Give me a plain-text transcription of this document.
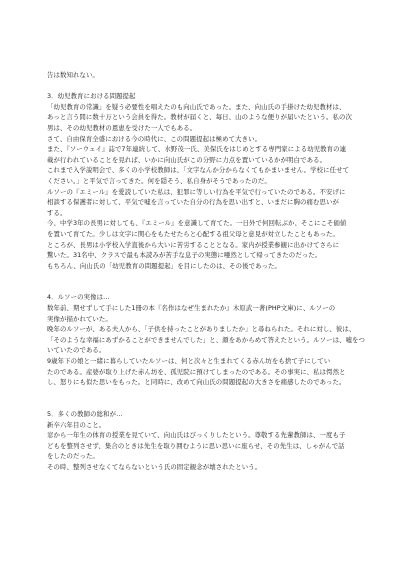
告は数知れない。

3．幼児教育における問題提起

「幼児教育の常識」を疑う必要性を唱えたのも向山氏であった。また、向山氏の手掛けた幼児教材は、

あっと言う間に数十万という会員を得た。教材が届くと、毎日、山のような便りが届いたという。私の次

男は、その幼児教材の恩恵を受けた一人でもある。

さて、自由保育全盛における今の時代に、この問題提起は極めて大きい。

また、『ソーウェイ』誌で7年連続して、水野茂一氏、美保氏をはじめとする専門家による幼児教育の連

載が行われていることを見れば、いかに向山氏がこの分野に力点を置いているかが明白である。

これまで入学説明会で、多くの小学校教師は、「文字なんか分からなくてもかまいません。学校に任せて

ください。」と平気で言ってきた。何を隠そう、私自身がそうであったのだ。

ルソーの『エミール』を愛読していた私は、犯罪に等しい行為を平気で行っていたのである。不安げに

相談する保護者に対して、平気で嘘を言っていた自分の行為を思い出すと、いまだに胸の痛む思いが

する。

今、中学3年の長男に対しても、『エミール』を意識して育てた。一日外で何回転ぶか、そこにこそ価値

を置いて育てた。少しは文字に関心をもたせたらと心配する祖父母と意見が対立したこともあった。

ところが、長男は小学校入学直後から大いに苦労することとなる。家内が授業参観に出かけてさらに

驚いた。31名中、クラスで最も本読みが苦手な息子の実態に唖然として帰ってきたのだった。

もちろん、向山氏の「幼児教育の問題提起」を目にしたのは、その後であった。

4．ルソーの実像は…

数年前、期せずして手にした1冊の本『名作はなぜ生まれたか』木原武一著(PHP文庫)に、ルソーの

実像が描かれていた。

晩年のルソーが、ある夫人から、「子供を持ったことがありましたか」と尋ねられた。それに対し、彼は、

「そのような幸福にあずかることができませんでした」と、顔をあからめて答えたという。ルソーは、嘘をつ

いていたのである。

9歳年下の娘と一緒に暮らしていたルソーは、何と次々と生まれてくる赤ん坊をも捨て子にしてい

たのである。産婆が取り上げた赤ん坊を、孤児院に預けてしまったのである。その事実に、私は愕然と

し、怒りにも似た思いをもった。と同時に、改めて向山氏の問題提起の大きさを痛感したのであった。

5．多くの教師の総和が…

新卒六年目のこと。

窓から一年生の体育の授業を見ていて、向山氏はびっくりしたという。尊敬する先輩教師は、一度も子

どもを整列させず、集合のときは先生を取り囲むように思い思いに座らせ、その先生は、しゃがんで話

をしたのだった。

その時、整列させなくてならないという氏の固定観念が壊されたという。
